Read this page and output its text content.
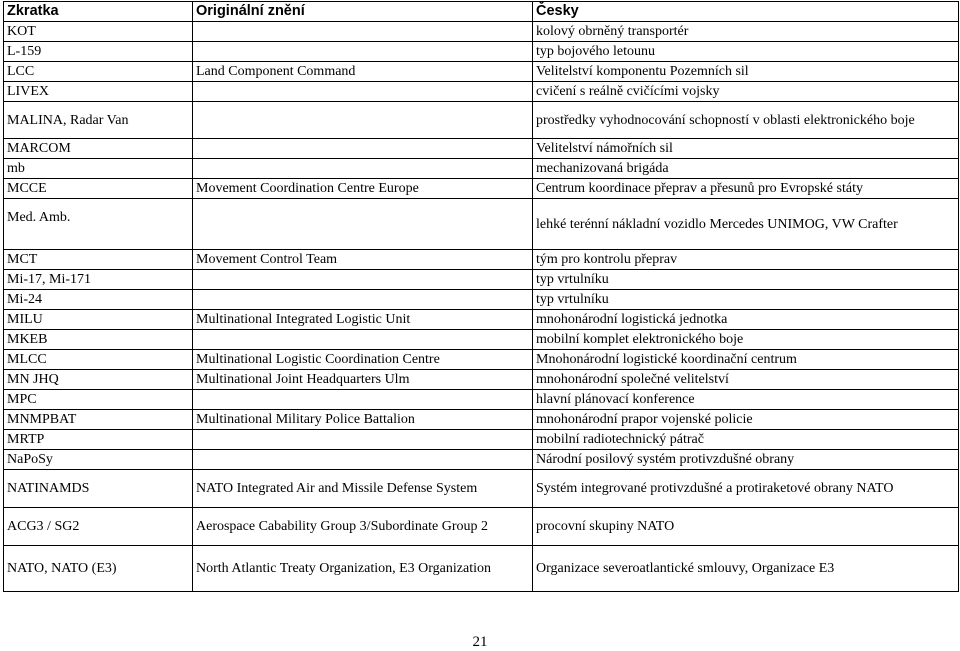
Zkratka	Originální znění	Česky
KOT		kolový obrněný transportér
L-159		typ bojového letounu
LCC	Land Component Command	Velitelství komponentu Pozemních sil
LIVEX		cvičení s reálně cvičícími vojsky
MALINA, Radar Van		prostředky vyhodnocování schopností v oblasti elektronického boje
MARCOM		Velitelství námořních sil
mb		mechanizovaná brigáda
MCCE	Movement Coordination Centre Europe	Centrum koordinace přeprav a přesunů pro Evropské státy
Med. Amb.		lehké terénní nákladní vozidlo Mercedes UNIMOG, VW Crafter
MCT	Movement Control Team	tým pro kontrolu přeprav
Mi-17, Mi-171		typ vrtulníku
Mi-24		typ vrtulníku
MILU	Multinational Integrated Logistic Unit	mnohonárodní logistická jednotka
MKEB		mobilní komplet elektronického boje
MLCC	Multinational Logistic Coordination Centre	Mnohonárodní logistické koordinační centrum
MN JHQ	Multinational Joint Headquarters Ulm	mnohonárodní společné velitelství
MPC		hlavní plánovací konference
MNMPBAT	Multinational Military Police Battalion	mnohonárodní prapor vojenské policie
MRTP		mobilní radiotechnický pátrač
NaPoSy		Národní posilový systém protivzdušné obrany
NATINAMDS	NATO Integrated Air and Missile Defense System	Systém integrované protivzdušné a protiraketové obrany NATO
ACG3 / SG2	Aerospace Cabability Group 3/Subordinate Group 2	procovní skupiny NATO
NATO, NATO (E3)	North Atlantic Treaty Organization, E3 Organization	Organizace severoatlantické smlouvy, Organizace E3
21
